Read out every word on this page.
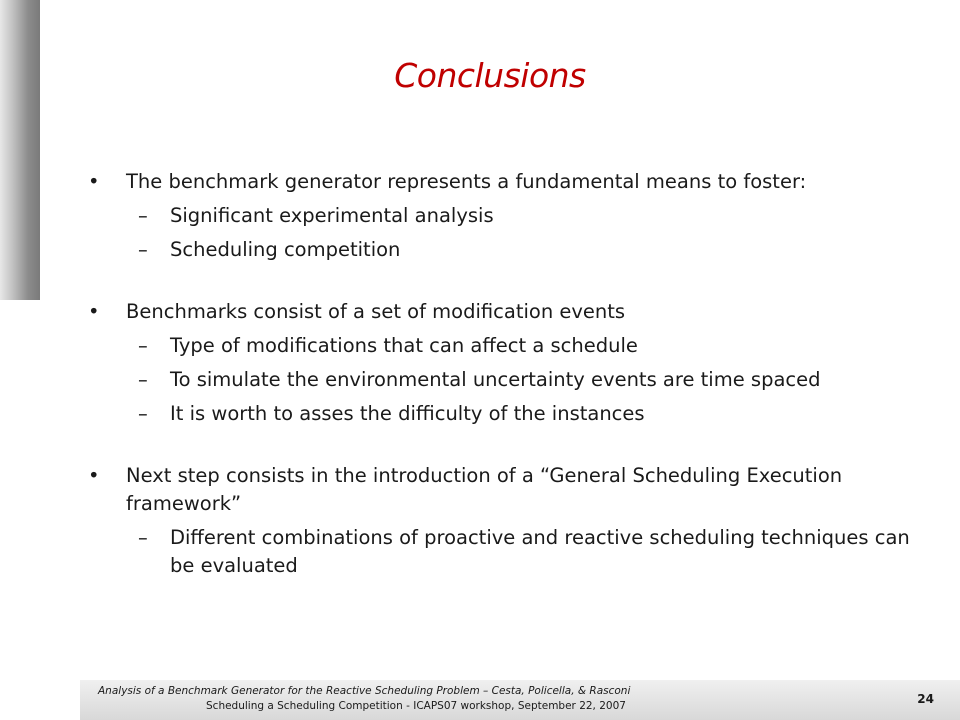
Conclusions
• The benchmark generator represents a fundamental means to foster:
– Significant experimental analysis
– Scheduling competition
• Benchmarks consist of a set of modification events
– Type of modifications that can affect a schedule
– To simulate the environmental uncertainty events are time spaced
– It is worth to asses the difficulty of the instances
• Next step consists in the introduction of a “General Scheduling Execution framework”
– Different combinations of proactive and reactive scheduling techniques can be evaluated
Analysis of a Benchmark Generator for the Reactive Scheduling Problem – Cesta, Policella, & Rasconi
Scheduling a Scheduling Competition - ICAPS07 workshop, September 22, 2007	24
